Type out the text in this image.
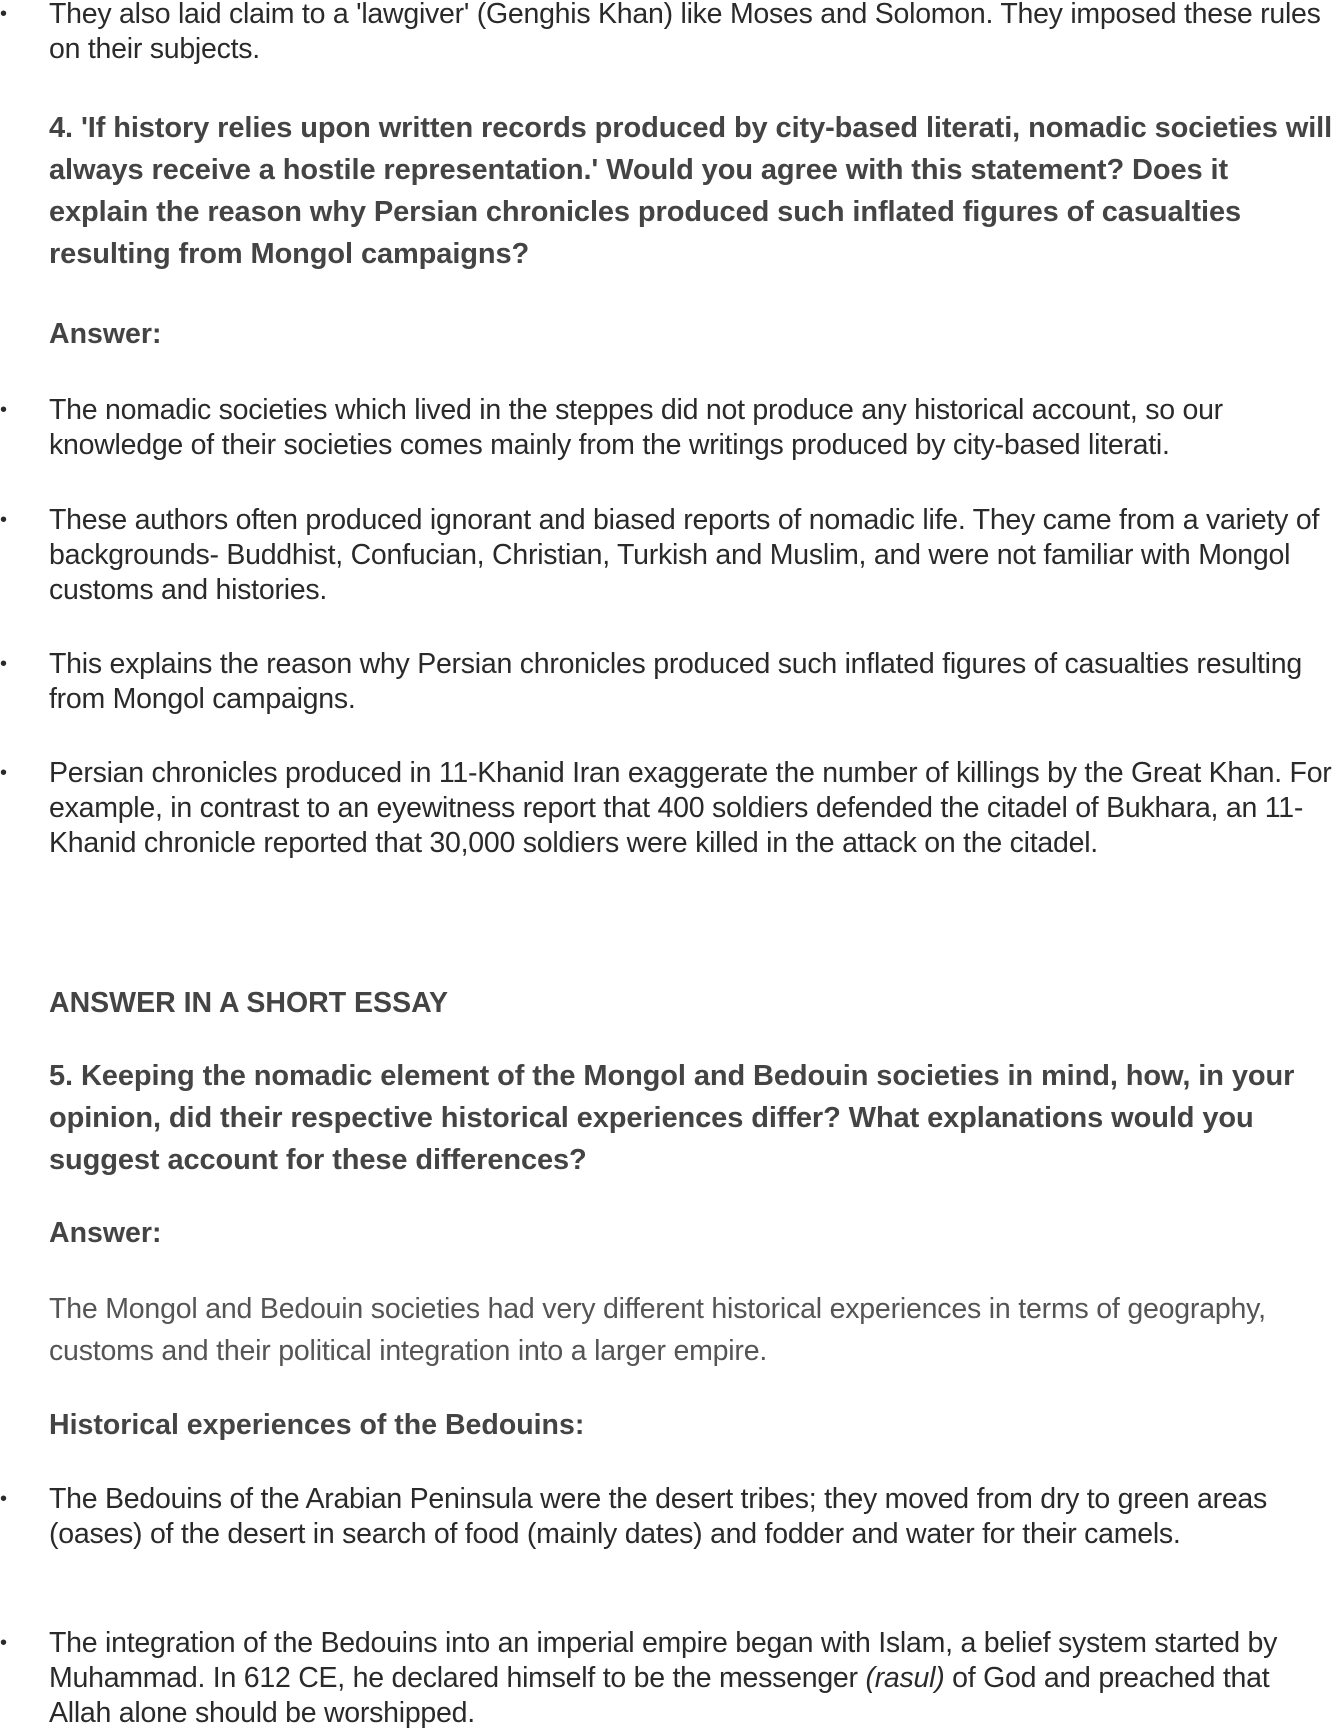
• They also laid claim to a 'lawgiver' (Genghis Khan) like Moses and Solomon. They imposed these rules on their subjects.

4. 'If history relies upon written records produced by city-based literati, nomadic societies will always receive a hostile representation.' Would you agree with this statement? Does it explain the reason why Persian chronicles produced such inflated figures of casualties resulting from Mongol campaigns?

Answer:

• The nomadic societies which lived in the steppes did not produce any historical account, so our knowledge of their societies comes mainly from the writings produced by city-based literati.

• These authors often produced ignorant and biased reports of nomadic life. They came from a variety of backgrounds- Buddhist, Confucian, Christian, Turkish and Muslim, and were not familiar with Mongol customs and histories.

• This explains the reason why Persian chronicles produced such inflated figures of casualties resulting from Mongol campaigns.

• Persian chronicles produced in 11-Khanid Iran exaggerate the number of killings by the Great Khan. For example, in contrast to an eyewitness report that 400 soldiers defended the citadel of Bukhara, an 11- Khanid chronicle reported that 30,000 soldiers were killed in the attack on the citadel.

ANSWER IN A SHORT ESSAY

5. Keeping the nomadic element of the Mongol and Bedouin societies in mind, how, in your opinion, did their respective historical experiences differ? What explanations would you suggest account for these differences?

Answer:

The Mongol and Bedouin societies had very different historical experiences in terms of geography, customs and their political integration into a larger empire.

Historical experiences of the Bedouins:

• The Bedouins of the Arabian Peninsula were the desert tribes; they moved from dry to green areas (oases) of the desert in search of food (mainly dates) and fodder and water for their camels.

• The integration of the Bedouins into an imperial empire began with Islam, a belief system started by Muhammad. In 612 CE, he declared himself to be the messenger (rasul) of God and preached that Allah alone should be worshipped.
